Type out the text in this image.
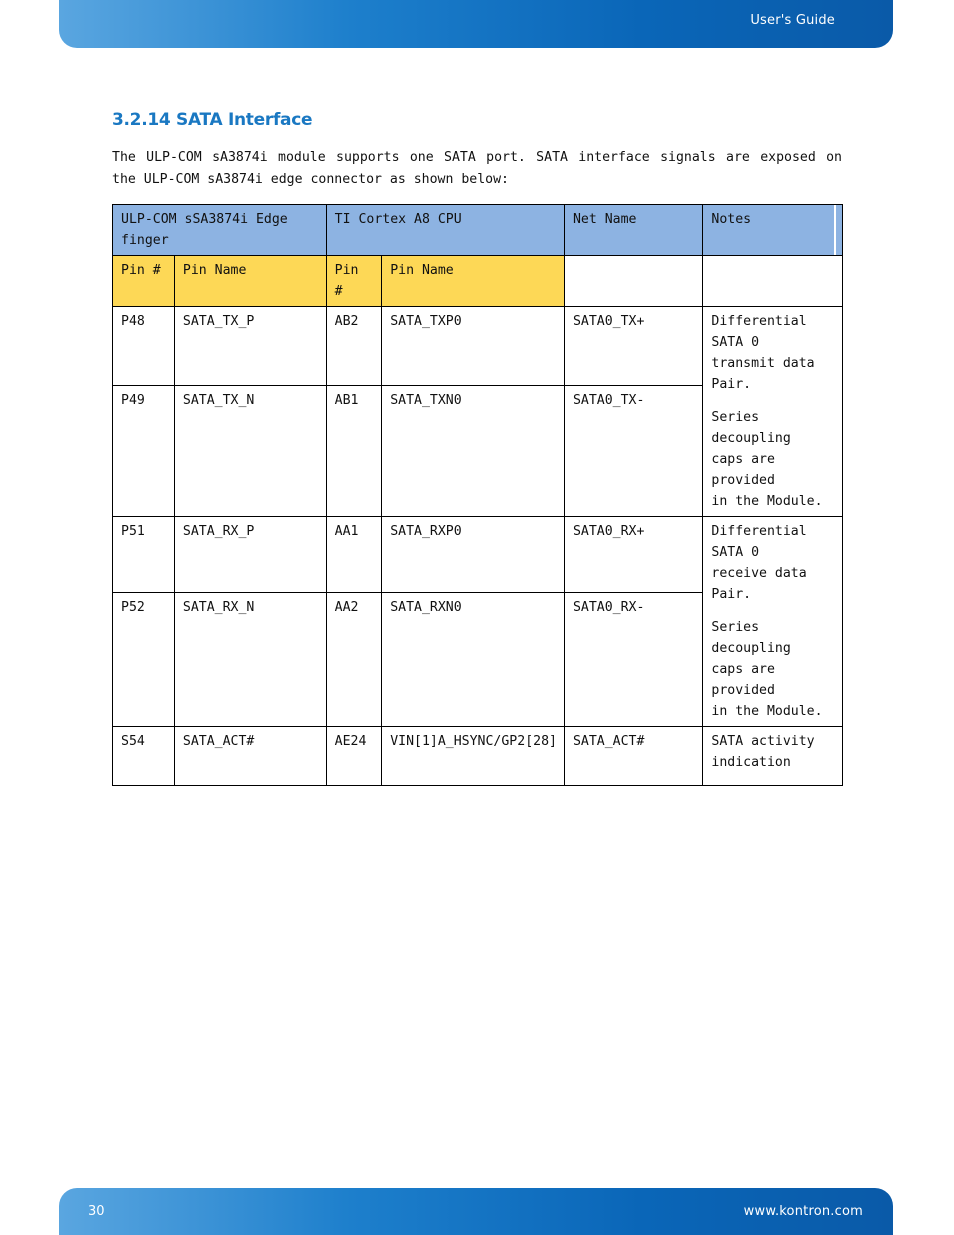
User's Guide
3.2.14 SATA Interface

The ULP-COM sA3874i module supports one SATA port. SATA interface signals are exposed on the ULP-COM sA3874i edge connector as shown below:

ULP-COM sSA3874i Edge finger		TI Cortex A8 CPU		Net Name	Notes
Pin #	Pin Name	Pin #	Pin Name		
P48	SATA_TX_P	AB2	SATA_TXP0	SATA0_TX+	Differential SATA 0
transmit data Pair.
Series decoupling
caps are provided
in the Module.

P49	SATA_TX_N	AB1	SATA_TXN0	SATA0_TX-	
P51	SATA_RX_P	AA1	SATA_RXP0	SATA0_RX+	Differential SATA 0
receive data Pair.
Series decoupling
caps are provided
in the Module.

P52	SATA_RX_N	AA2	SATA_RXN0	SATA0_RX-	
S54	SATA_ACT#	AE24	VIN[1]A_HSYNC/GP2[28]	SATA_ACT#	SATA activity
indication
30	www.kontron.com
